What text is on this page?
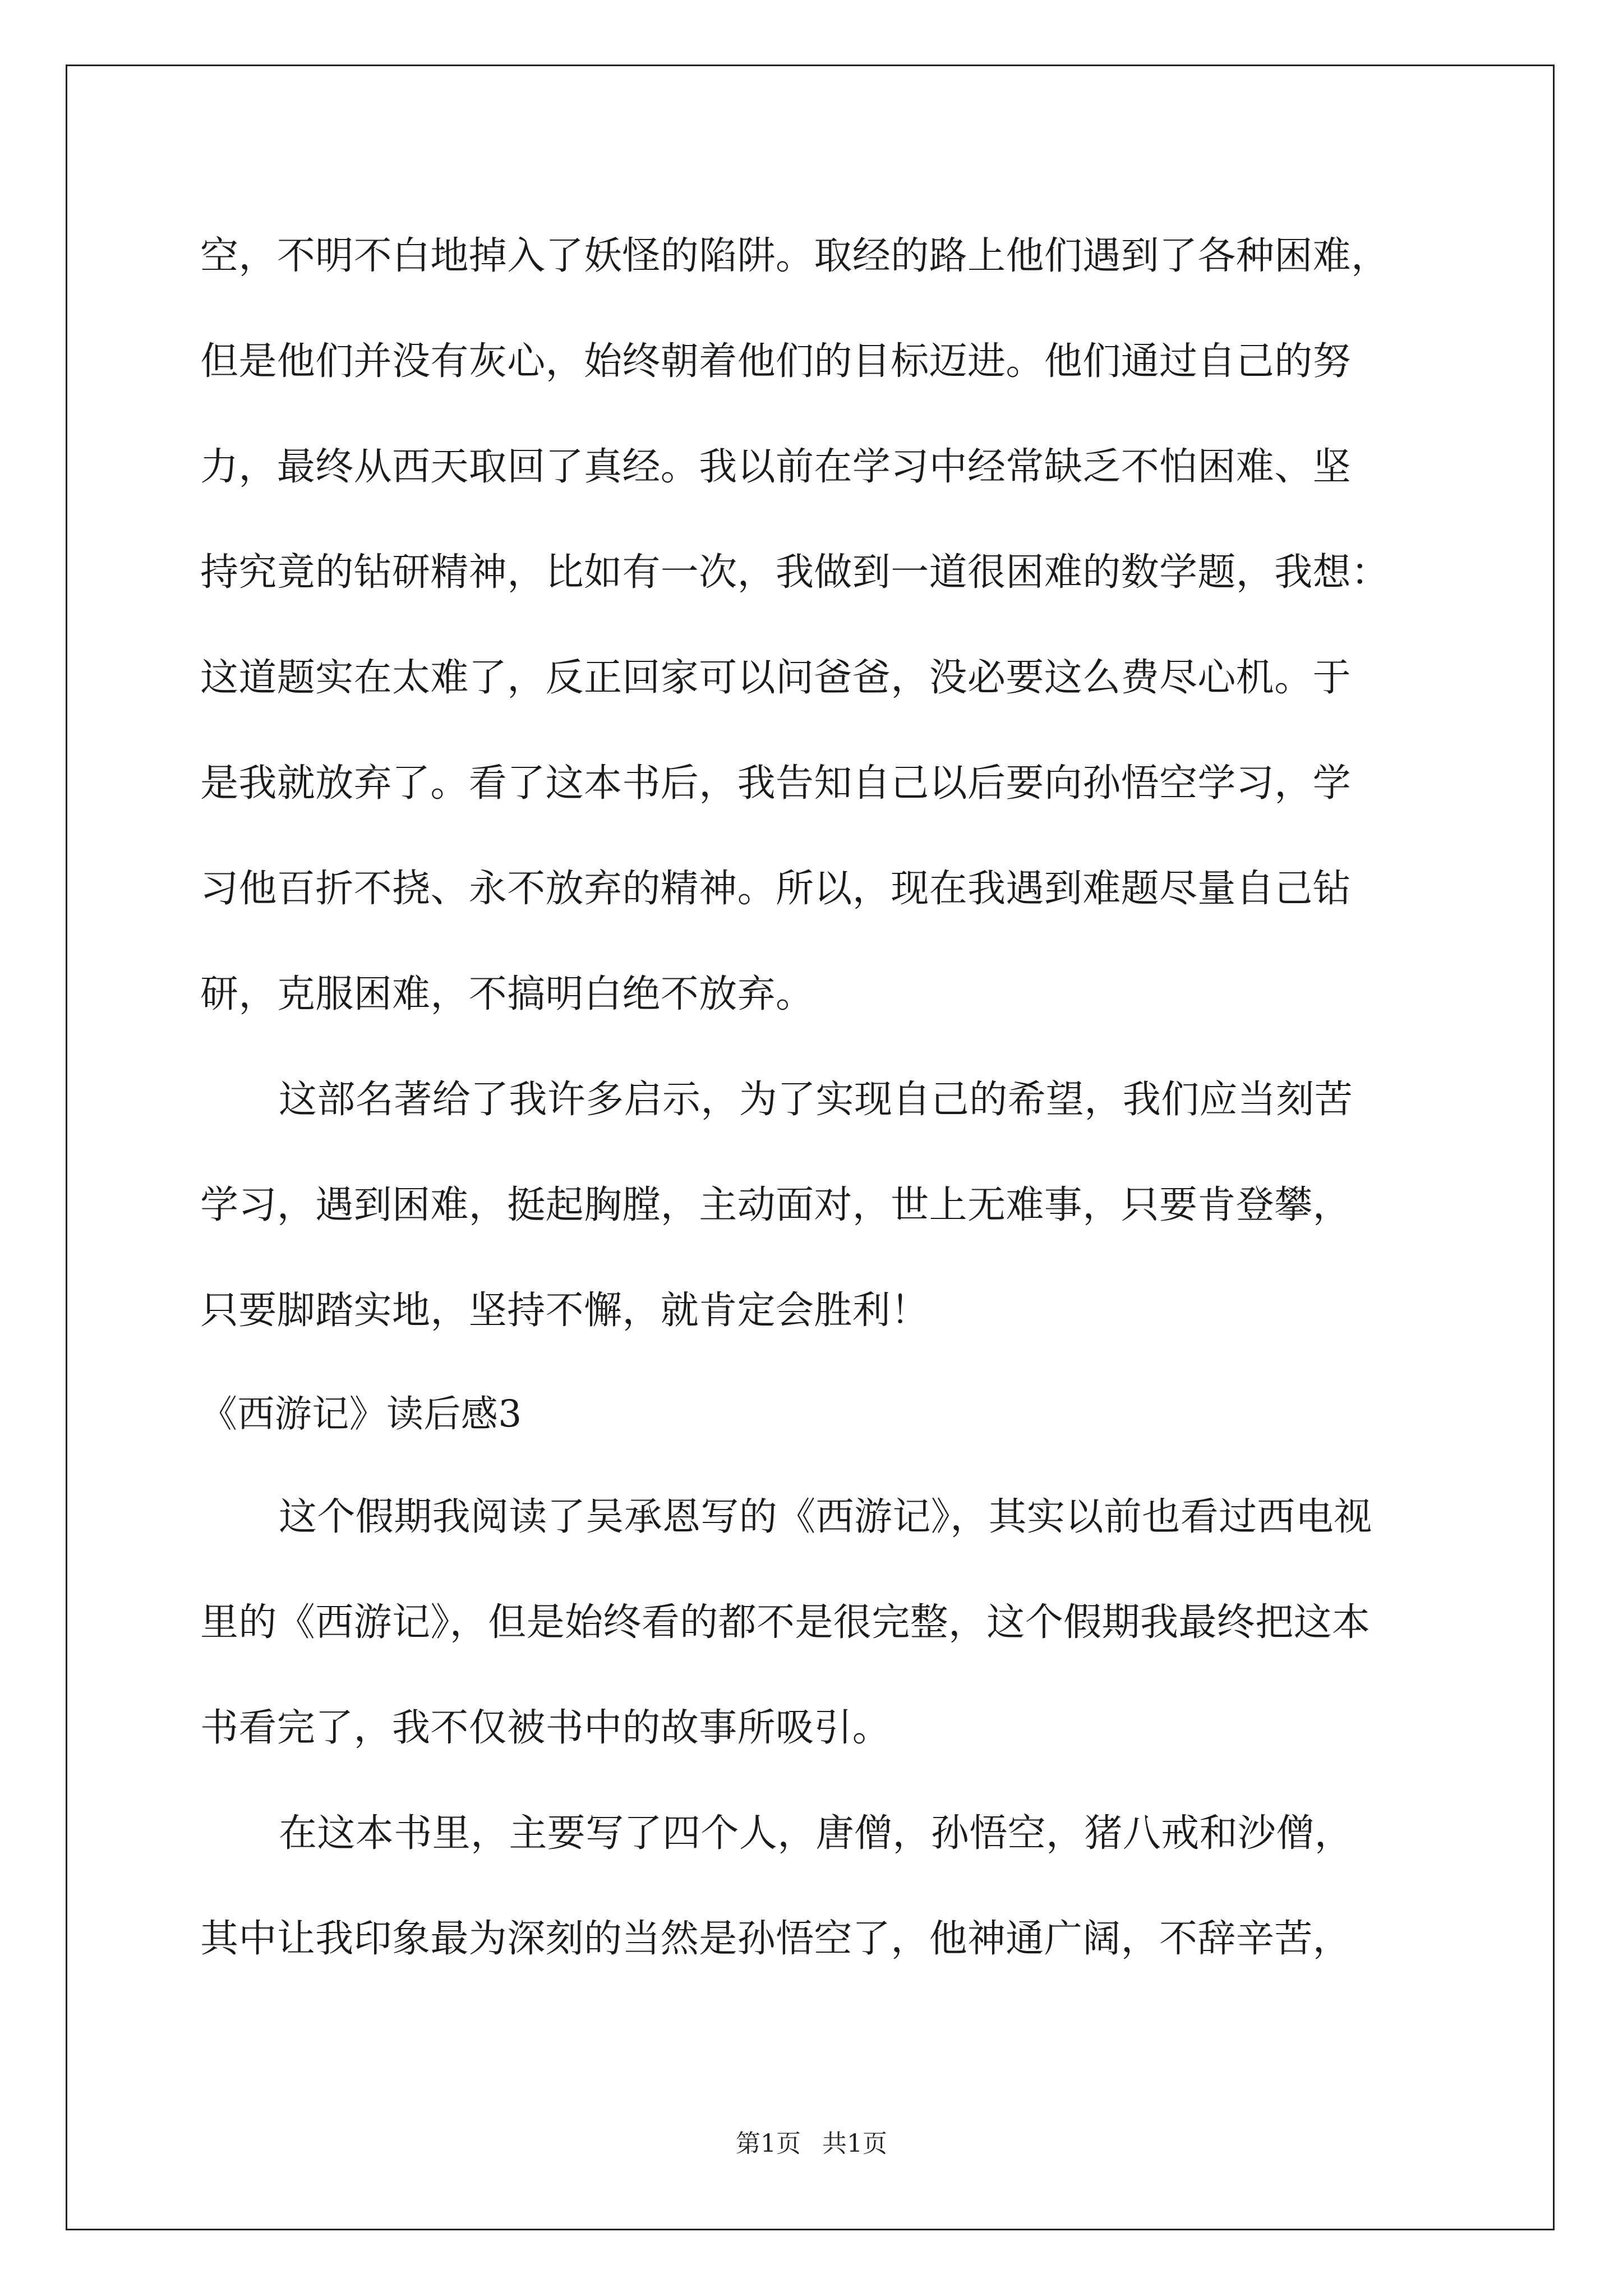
空，不明不白地掉入了妖怪的陷阱。取经的路上他们遇到了各种困难，
但是他们并没有灰心，始终朝着他们的目标迈进。他们通过自己的努
力，最终从西天取回了真经。我以前在学习中经常缺乏不怕困难、坚
持究竟的钻研精神，比如有一次，我做到一道很困难的数学题，我想：
这道题实在太难了，反正回家可以问爸爸，没必要这么费尽心机。于
是我就放弃了。看了这本书后，我告知自己以后要向孙悟空学习，学
习他百折不挠、永不放弃的精神。所以，现在我遇到难题尽量自己钻
研，克服困难，不搞明白绝不放弃。
这部名著给了我许多启示，为了实现自己的希望，我们应当刻苦
学习，遇到困难，挺起胸膛，主动面对，世上无难事，只要肯登攀，
只要脚踏实地，坚持不懈，就肯定会胜利！
《西游记》读后感3
这个假期我阅读了吴承恩写的《西游记》，其实以前也看过西电视
里的《西游记》，但是始终看的都不是很完整，这个假期我最终把这本
书看完了，我不仅被书中的故事所吸引。
在这本书里，主要写了四个人，唐僧，孙悟空，猪八戒和沙僧，
其中让我印象最为深刻的当然是孙悟空了，他神通广阔，不辞辛苦，
第1页 共1页
